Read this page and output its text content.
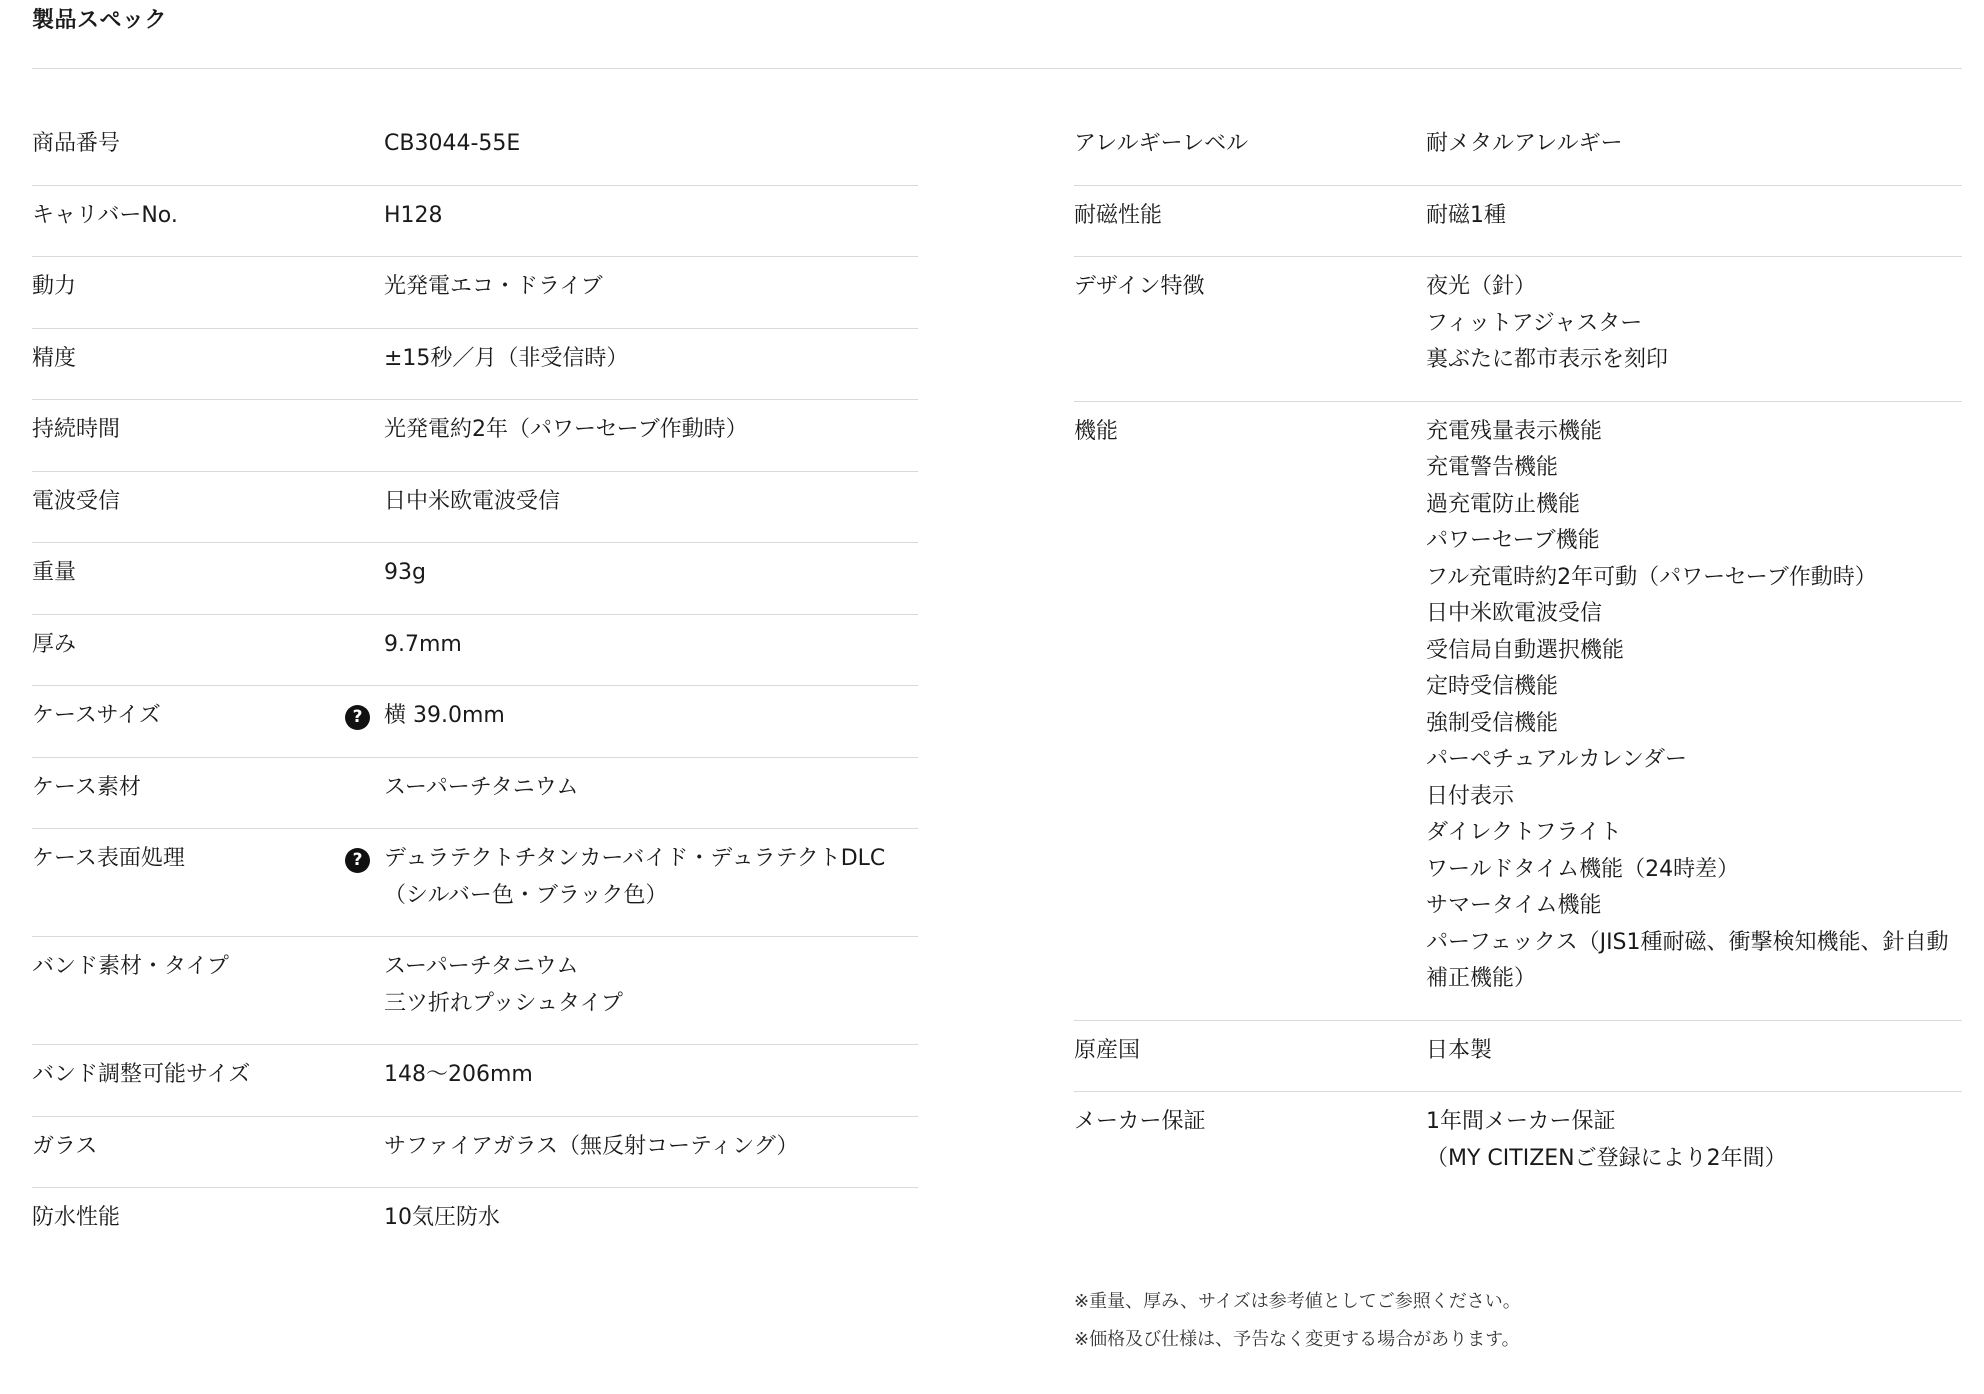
製品スペック
商品番号	CB3044-55E
キャリバーNo.	H128
動力	光発電エコ・ドライブ
精度	±15秒／月（非受信時）
持続時間	光発電約2年（パワーセーブ作動時）
電波受信	日中米欧電波受信
重量	93g
厚み	9.7mm
ケースサイズ	? 横 39.0mm
ケース素材	スーパーチタニウム
ケース表面処理	? デュラテクトチタンカーバイド・デュラテクトDLC（シルバー色・ブラック色）
バンド素材・タイプ	スーパーチタニウム
三ツ折れプッシュタイプ
バンド調整可能サイズ	148～206mm
ガラス	サファイアガラス（無反射コーティング）
防水性能	10気圧防水
アレルギーレベル	耐メタルアレルギー
耐磁性能	耐磁1種
デザイン特徴	夜光（針）
フィットアジャスター
裏ぶたに都市表示を刻印
機能	充電残量表示機能
充電警告機能
過充電防止機能
パワーセーブ機能
フル充電時約2年可動（パワーセーブ作動時）
日中米欧電波受信
受信局自動選択機能
定時受信機能
強制受信機能
パーペチュアルカレンダー
日付表示
ダイレクトフライト
ワールドタイム機能（24時差）
サマータイム機能
パーフェックス（JIS1種耐磁、衝撃検知機能、針自動補正機能）
原産国	日本製
メーカー保証	1年間メーカー保証
（MY CITIZENご登録により2年間）

※重量、厚み、サイズは参考値としてご参照ください。

※価格及び仕様は、予告なく変更する場合があります。
